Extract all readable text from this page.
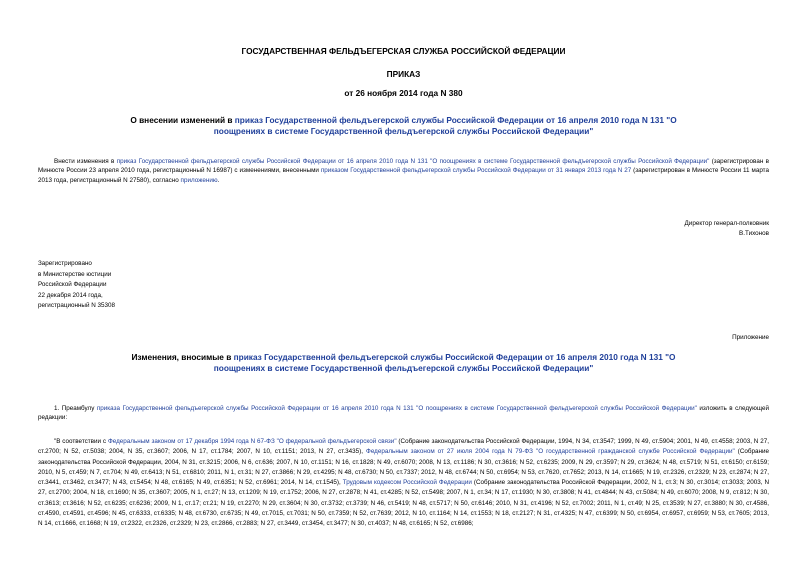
ГОСУДАРСТВЕННАЯ ФЕЛЬДЪЕГЕРСКАЯ СЛУЖБА РОССИЙСКОЙ ФЕДЕРАЦИИ
ПРИКАЗ
от 26 ноября 2014 года N 380
О внесении изменений в приказ Государственной фельдъегерской службы Российской Федерации от 16 апреля 2010 года N 131 "О поощрениях в системе Государственной фельдъегерской службы Российской Федерации"
Внести изменения в приказ Государственной фельдъегерской службы Российской Федерации от 16 апреля 2010 года N 131 "О поощрениях в системе Государственной фельдъегерской службы Российской Федерации" (зарегистрирован в Минюсте России 23 апреля 2010 года, регистрационный N 16987) с изменениями, внесенными приказом Государственной фельдъегерской службы Российской Федерации от 31 января 2013 года N 27 (зарегистрирован в Минюсте России 11 марта 2013 года, регистрационный N 27580), согласно приложению.
Директор генерал-полковник
В.Тихонов
Зарегистрировано
в Министерстве юстиции
Российской Федерации
22 декабря 2014 года,
регистрационный N 35308
Приложение
Изменения, вносимые в приказ Государственной фельдъегерской службы Российской Федерации от 16 апреля 2010 года N 131 "О поощрениях в системе Государственной фельдъегерской службы Российской Федерации"
1. Преамбулу приказа Государственной фельдъегерской службы Российской Федерации от 16 апреля 2010 года N 131 "О поощрениях в системе Государственной фельдъегерской службы Российской Федерации" изложить в следующей редакции:
"В соответствии с Федеральным законом от 17 декабря 1994 года N 67-ФЗ "О федеральной фельдъегерской связи" (Собрание законодательства Российской Федерации, 1994, N 34, ст.3547; 1999, N 49, ст.5904; 2001, N 49, ст.4558; 2003, N 27, ст.2700; N 52, ст.5038; 2004, N 35, ст.3607; 2006, N 17, ст.1784; 2007, N 10, ст.1151; 2013, N 27, ст.3435), Федеральным законом от 27 июля 2004 года N 79-ФЗ "О государственной гражданской службе Российской Федерации" (Собрание законодательства Российской Федерации, 2004, N 31, ст.3215; 2006, N 6, ст.636; 2007, N 10, ст.1151; N 16, ст.1828; N 49, ст.6070; 2008, N 13, ст.1186; N 30, ст.3616; N 52, ст.6235; 2009, N 29, ст.3597; N 29, ст.3624; N 48, ст.5719; N 51, ст.6150; ст.6159; 2010, N 5, ст.459; N 7, ст.704; N 49, ст.6413; N 51, ст.6810; 2011, N 1, ст.31; N 27, ст.3866; N 29, ст.4295; N 48, ст.6730; N 50, ст.7337; 2012, N 48, ст.6744; N 50, ст.6954; N 53, ст.7620, ст.7652; 2013, N 14, ст.1665; N 19, ст.2326, ст.2329; N 23, ст.2874; N 27, ст.3441, ст.3462, ст.3477; N 43, ст.5454; N 48, ст.6165; N 49, ст.6351; N 52, ст.6961; 2014, N 14, ст.1545), Трудовым кодексом Российской Федерации (Собрание законодательства Российской Федерации, 2002, N 1, ст.3; N 30, ст.3014; ст.3033; 2003, N 27, ст.2700; 2004, N 18, ст.1690; N 35, ст.3607; 2005, N 1, ст.27; N 13, ст.1209; N 19, ст.1752; 2006, N 27, ст.2878; N 41, ст.4285; N 52, ст.5498; 2007, N 1, ст.34; N 17, ст.1930; N 30, ст.3808; N 41, ст.4844; N 43, ст.5084; N 49, ст.6070; 2008, N 9, ст.812; N 30, ст.3613; ст.3616; N 52, ст.6235; ст.6236; 2009, N 1, ст.17; ст.21; N 19, ст.2270; N 29, ст.3604; N 30, ст.3732; ст.3739; N 46, ст.5419; N 48, ст.5717; N 50, ст.6146; 2010, N 31, ст.4196; N 52, ст.7002; 2011, N 1, ст.49; N 25, ст.3539; N 27, ст.3880; N 30, ст.4586, ст.4590, ст.4591, ст.4596; N 45, ст.6333, ст.6335; N 48, ст.6730, ст.6735; N 49, ст.7015, ст.7031; N 50, ст.7359; N 52, ст.7639; 2012, N 10, ст.1164; N 14, ст.1553; N 18, ст.2127; N 31, ст.4325; N 47, ст.6399; N 50, ст.6954, ст.6957, ст.6959; N 53, ст.7605; 2013, N 14, ст.1666, ст.1668; N 19, ст.2322, ст.2326, ст.2329; N 23, ст.2866, ст.2883; N 27, ст.3449, ст.3454, ст.3477; N 30, ст.4037; N 48, ст.6165; N 52, ст.6986;
